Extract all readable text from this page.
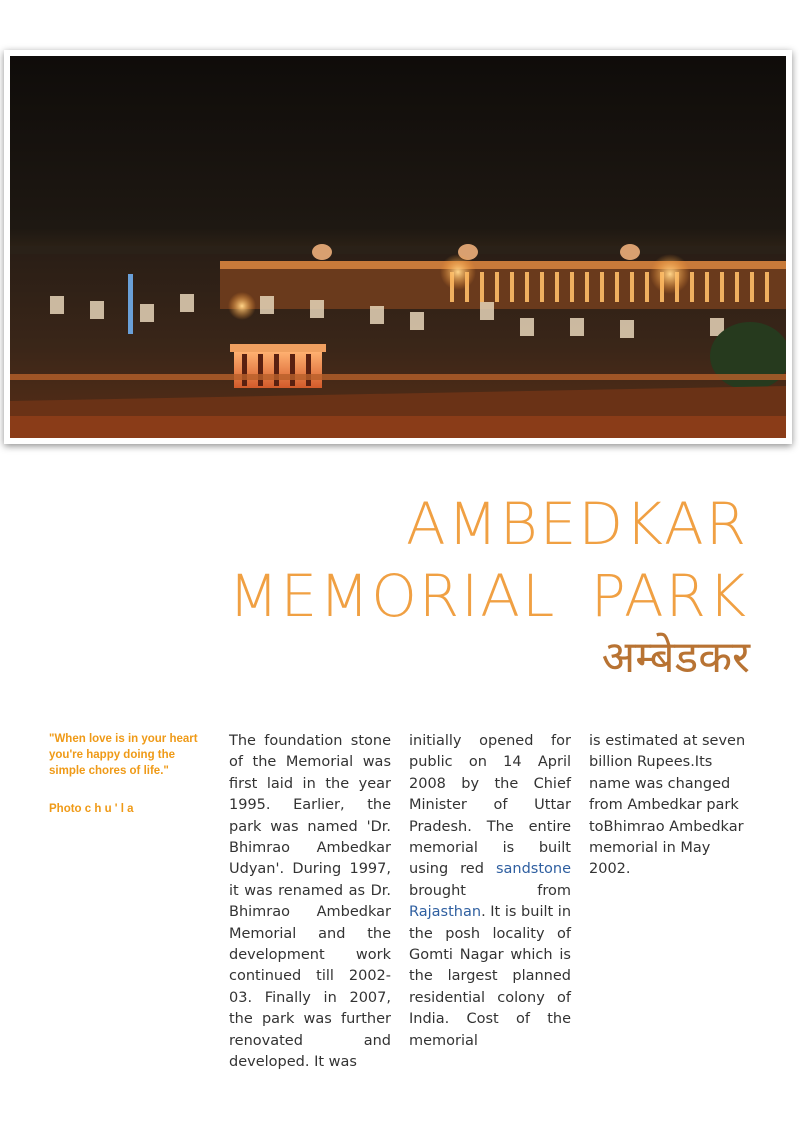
AMBEDKAR
MEMORIAL PARK
अम्बेडकर
"When love is in your heart you're happy doing the simple chores of life."
Photo c h u ' l a
The foundation stone of the Memorial was first laid in the year 1995. Earlier, the park was named 'Dr. Bhimrao Ambedkar Udyan'. During 1997, it was renamed as Dr. Bhimrao Ambedkar Memorial and the development work continued till 2002-03. Finally in 2007, the park was further renovated and developed. It was
initially opened for public on 14 April 2008 by the Chief Minister of Uttar Pradesh. The entire memorial is built using red sandstone brought from Rajasthan. It is built in the posh locality of Gomti Nagar which is the largest planned residential colony of India. Cost of the memorial
is estimated at seven billion Rupees.Its name was changed from Ambedkar park toBhimrao Ambedkar memorial in May 2002.
